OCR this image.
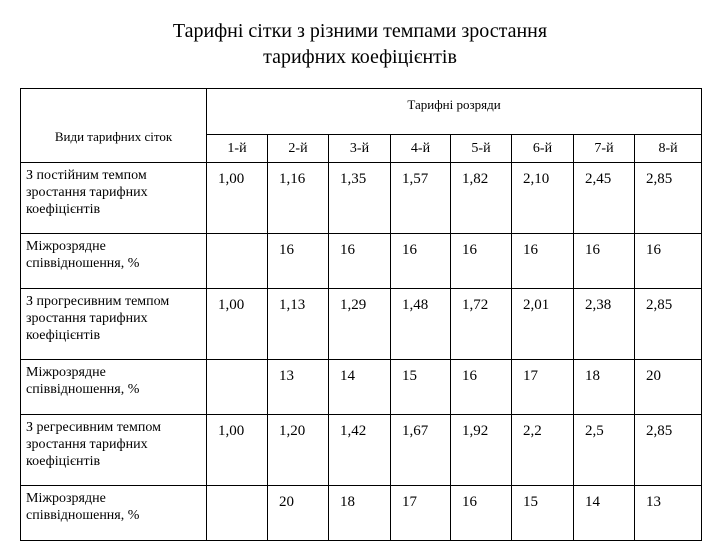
Тарифні сітки з різними темпами зростання
тарифних коефіцієнтів
Види тарифних сіток	Тарифні розряди							
	1-й	2-й	3-й	4-й	5-й	6-й	7-й	8-й
З постійним темпом зростання тарифних коефіцієнтів	1,00	1,16	1,35	1,57	1,82	2,10	2,45	2,85
Міжрозрядне співвідношення, %		16	16	16	16	16	16	16
З прогресивним темпом зростання тарифних коефіцієнтів	1,00	1,13	1,29	1,48	1,72	2,01	2,38	2,85
Міжрозрядне співвідношення, %		13	14	15	16	17	18	20
З регресивним темпом зростання тарифних коефіцієнтів	1,00	1,20	1,42	1,67	1,92	2,2	2,5	2,85
Міжрозрядне співвідношення, %		20	18	17	16	15	14	13
